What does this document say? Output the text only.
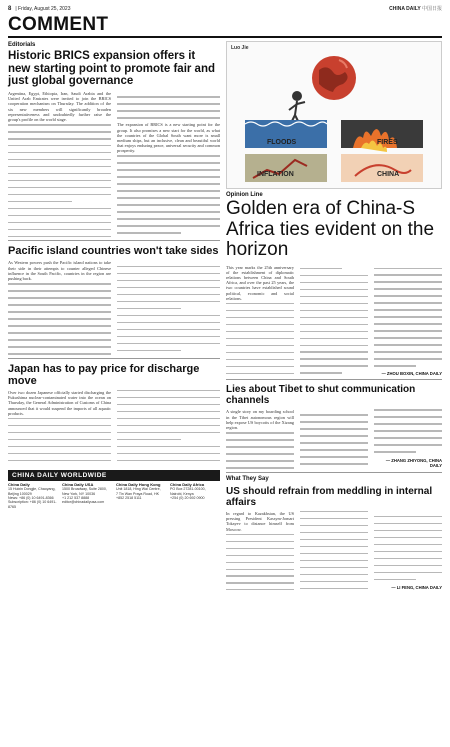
8 | Friday, August 25, 2023	CHINA DAILY 中国日报
COMMENT
Editorials
Historic BRICS expansion offers it new starting point to promote fair and just global governance

Argentina, Egypt, Ethiopia, Iran, Saudi Arabia and the United Arab Emirates were invited to join the BRICS cooperation mechanism on Thursday. The addition of the six new members will significantly broaden representativeness and undoubtedly further raise the group's profile on the world stage.

The expansion of BRICS is a new starting point for the group. It also promises a new start for the world, as what the countries of the Global South want more is small medium ships, but an inclusive, clean and beautiful world that enjoys enduring peace, universal security and common prosperity.

Pacific island countries won't take sides

As Western powers push the Pacific island nations to take their side in their attempts to counter alleged Chinese influence in the South Pacific, countries in the region are pushing back.

Japan has to pay price for discharge move

Over two dozen Japanese officially started discharging the Fukushima nuclear-contaminated water into the ocean on Thursday, the General Administration of Customs of China announced that it would suspend the imports of all aquatic products.

CHINA DAILY WORLDWIDE
China Daily
15 Huixin Dongjie, Chaoyang, Beijing 100029
News: +86 (0) 10 6491-8366
Subscription: +86 (0) 10 6491-8765
China Daily USA
1500 Broadway, Suite 2800, New York, NY 10036
+1 212 537 8888
editor@chinadailyusa.com
China Daily Hong Kong
Unit 1818, Hing Wai Centre,
7 Tin Wan Praya Road, HK
+852 2518 5111
China Daily Africa
PO Box 27281-00100,
Nairobi, Kenya
+254 (0) 20 692 0900
Luo Jie
FLOODS	FIRES
INFLATION	CHINA
Opinion Line
Golden era of China-S Africa ties evident on the horizon

This year marks the 25th anniversary of the establishment of diplomatic relations between China and South Africa, and over the past 25 years, the two countries have established sound political, economic and social relations.

— ZHOU BOXIN, CHINA DAILY
Lies about Tibet to shut communication channels

A single story on my boarding school in the Tibet autonomous region will help expose US boycotts of the Xizang region.

— ZHANG ZHIYONG, CHINA DAILY
What They Say
US should refrain from meddling in internal affairs

In regard to Kazakhstan, the US pressing President Kassym-Jomart Tokayev to distance himself from Moscow.

— LI FENG, CHINA DAILY
